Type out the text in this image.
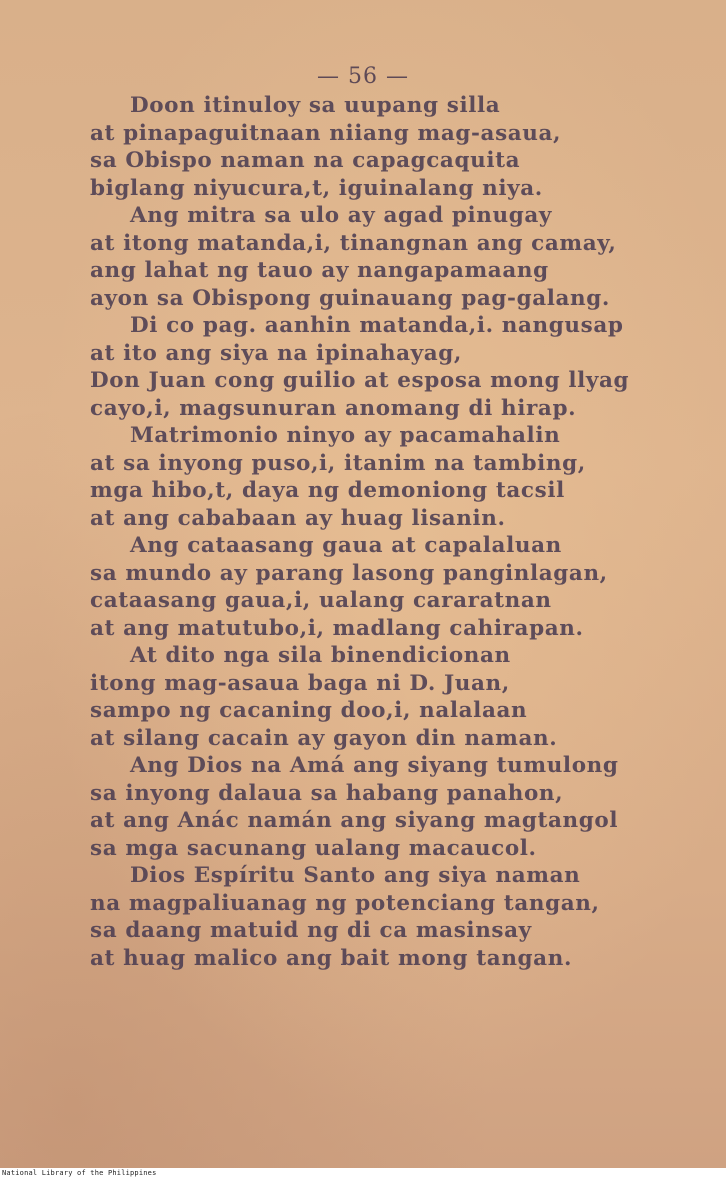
— 56 —
Doon itinuloy sa uupang silla
at pinapaguitnaan niiang mag-asaua,
sa Obispo naman na capagcaquita
biglang niyucura,t, iguinalang niya.
Ang mitra sa ulo ay agad pinugay
at itong matanda,i, tinangnan ang camay,
ang lahat ng tauo ay nangapamaang
ayon sa Obispong guinauang pag-galang.
Di co pag. aanhin matanda,i. nangusap
at ito ang siya na ipinahayag,
Don Juan cong guilio at esposa mong llyag
cayo,i, magsunuran anomang di hirap.
Matrimonio ninyo ay pacamahalin
at sa inyong puso,i, itanim na tambing,
mga hibo,t, daya ng demoniong tacsil
at ang cababaan ay huag lisanin.
Ang cataasang gaua at capalaluan
sa mundo ay parang lasong panginlagan,
cataasang gaua,i, ualang cararatnan
at ang matutubo,i, madlang cahirapan.
At dito nga sila binendicionan
itong mag-asaua baga ni D. Juan,
sampo ng cacaning doo,i, nalalaan
at silang cacain ay gayon din naman.
Ang Dios na Amá ang siyang tumulong
sa inyong dalaua sa habang panahon,
at ang Anác namán ang siyang magtangol
sa mga sacunang ualang macaucol.
Dios Espíritu Santo ang siya naman
na magpaliuanag ng potenciang tangan,
sa daang matuid ng di ca masinsay
at huag malico ang bait mong tangan.
National Library of the Philippines
